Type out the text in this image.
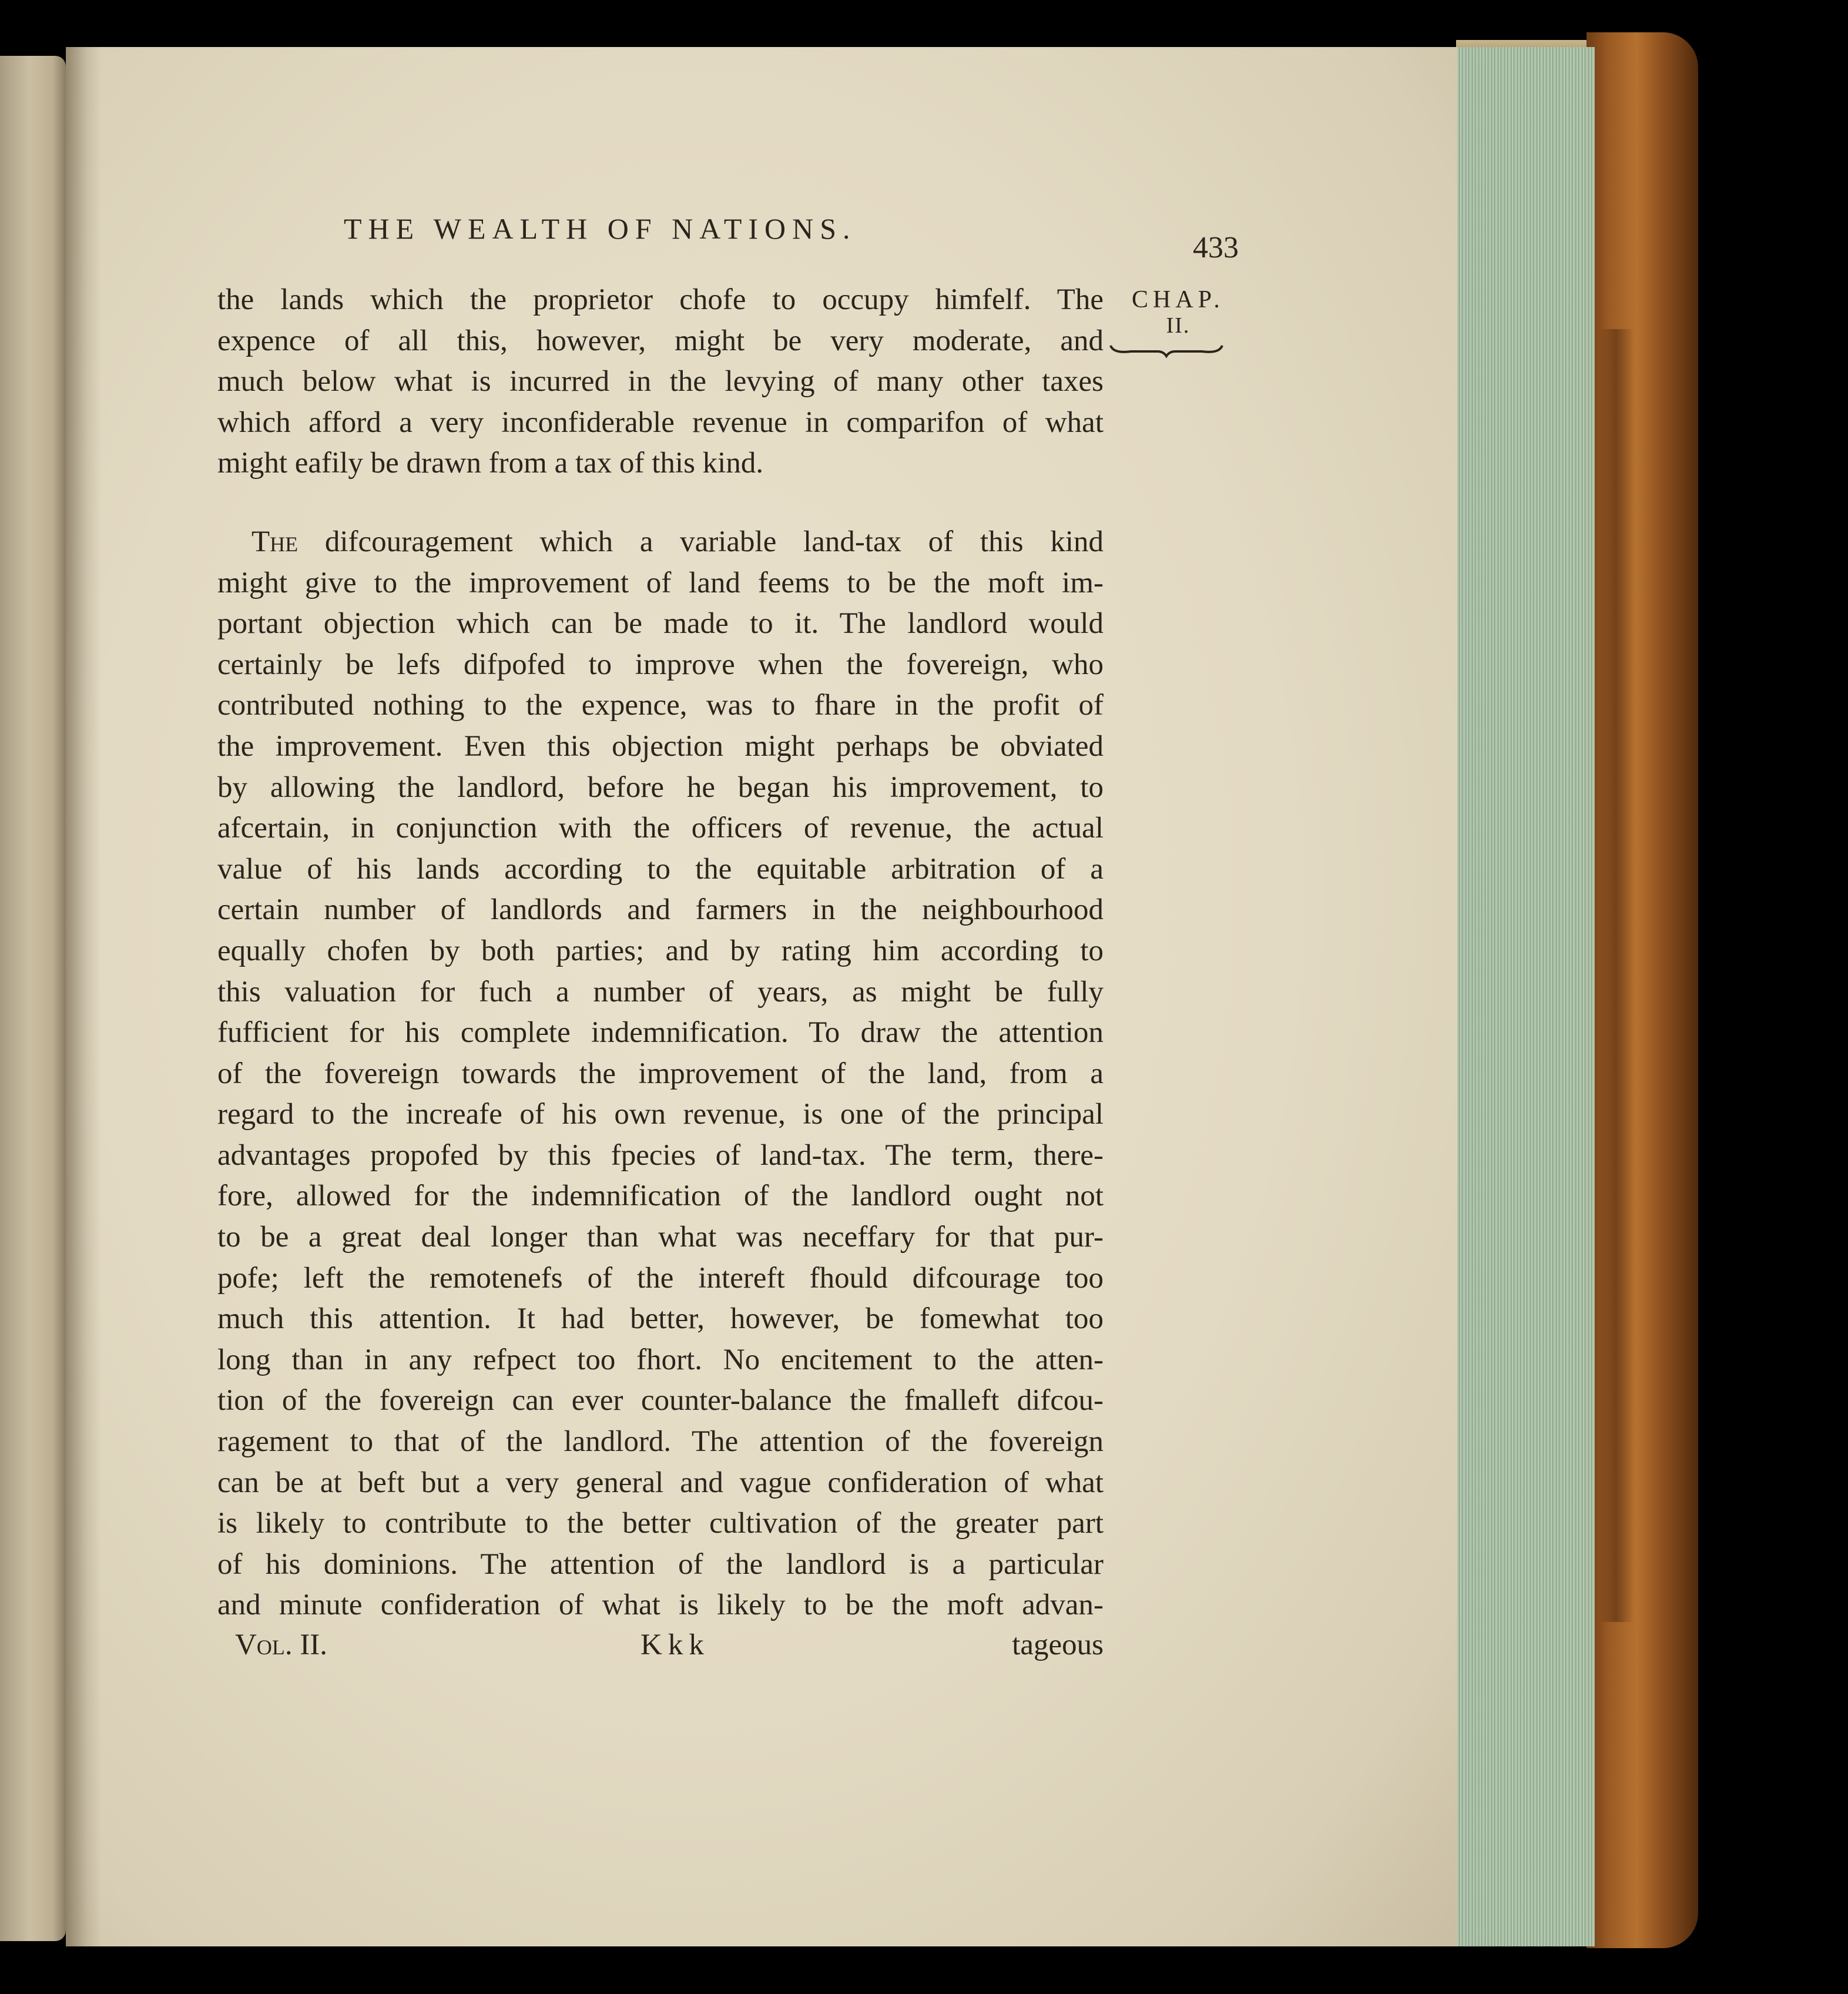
THE WEALTH OF NATIONS.
433
CHAP.
II.
the lands which the proprietor chofe to occupy himfelf. The
expence of all this, however, might be very moderate, and
much below what is incurred in the levying of many other taxes
which afford a very inconfiderable revenue in comparifon of what
might eafily be drawn from a tax of this kind.
The difcouragement which a variable land-tax of this kind
might give to the improvement of land feems to be the moft im-
portant objection which can be made to it. The landlord would
certainly be lefs difpofed to improve when the fovereign, who
contributed nothing to the expence, was to fhare in the profit of
the improvement. Even this objection might perhaps be obviated
by allowing the landlord, before he began his improvement, to
afcertain, in conjunction with the officers of revenue, the actual
value of his lands according to the equitable arbitration of a
certain number of landlords and farmers in the neighbourhood
equally chofen by both parties; and by rating him according to
this valuation for fuch a number of years, as might be fully
fufficient for his complete indemnification. To draw the attention
of the fovereign towards the improvement of the land, from a
regard to the increafe of his own revenue, is one of the principal
advantages propofed by this fpecies of land-tax. The term, there-
fore, allowed for the indemnification of the landlord ought not
to be a great deal longer than what was neceffary for that pur-
pofe; left the remotenefs of the intereft fhould difcourage too
much this attention. It had better, however, be fomewhat too
long than in any refpect too fhort. No encitement to the atten-
tion of the fovereign can ever counter-balance the fmalleft difcou-
ragement to that of the landlord. The attention of the fovereign
can be at beft but a very general and vague confideration of what
is likely to contribute to the better cultivation of the greater part
of his dominions. The attention of the landlord is a particular
and minute confideration of what is likely to be the moft advan-
Vol. II.	Kkk	tageous
